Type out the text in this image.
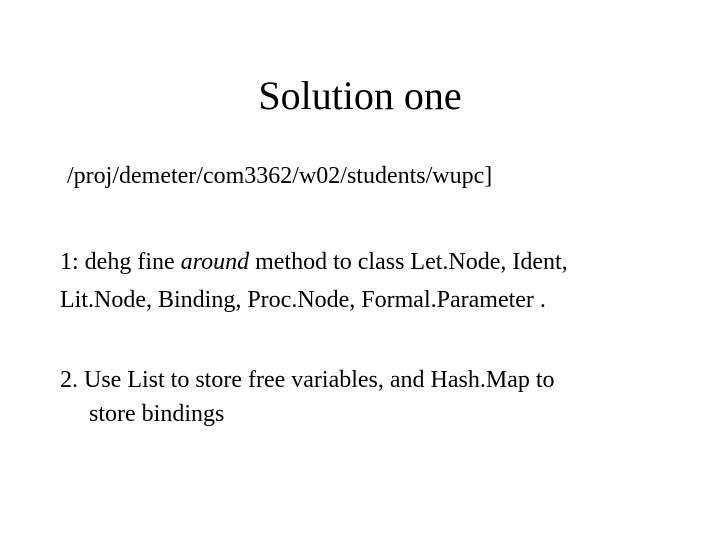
Solution one
/proj/demeter/com3362/w02/students/wupc]
1: dehg fine around method to class Let.Node, Ident,
Lit.Node, Binding, Proc.Node, Formal.Parameter .
2. Use List to store free variables, and Hash.Map to
store bindings
